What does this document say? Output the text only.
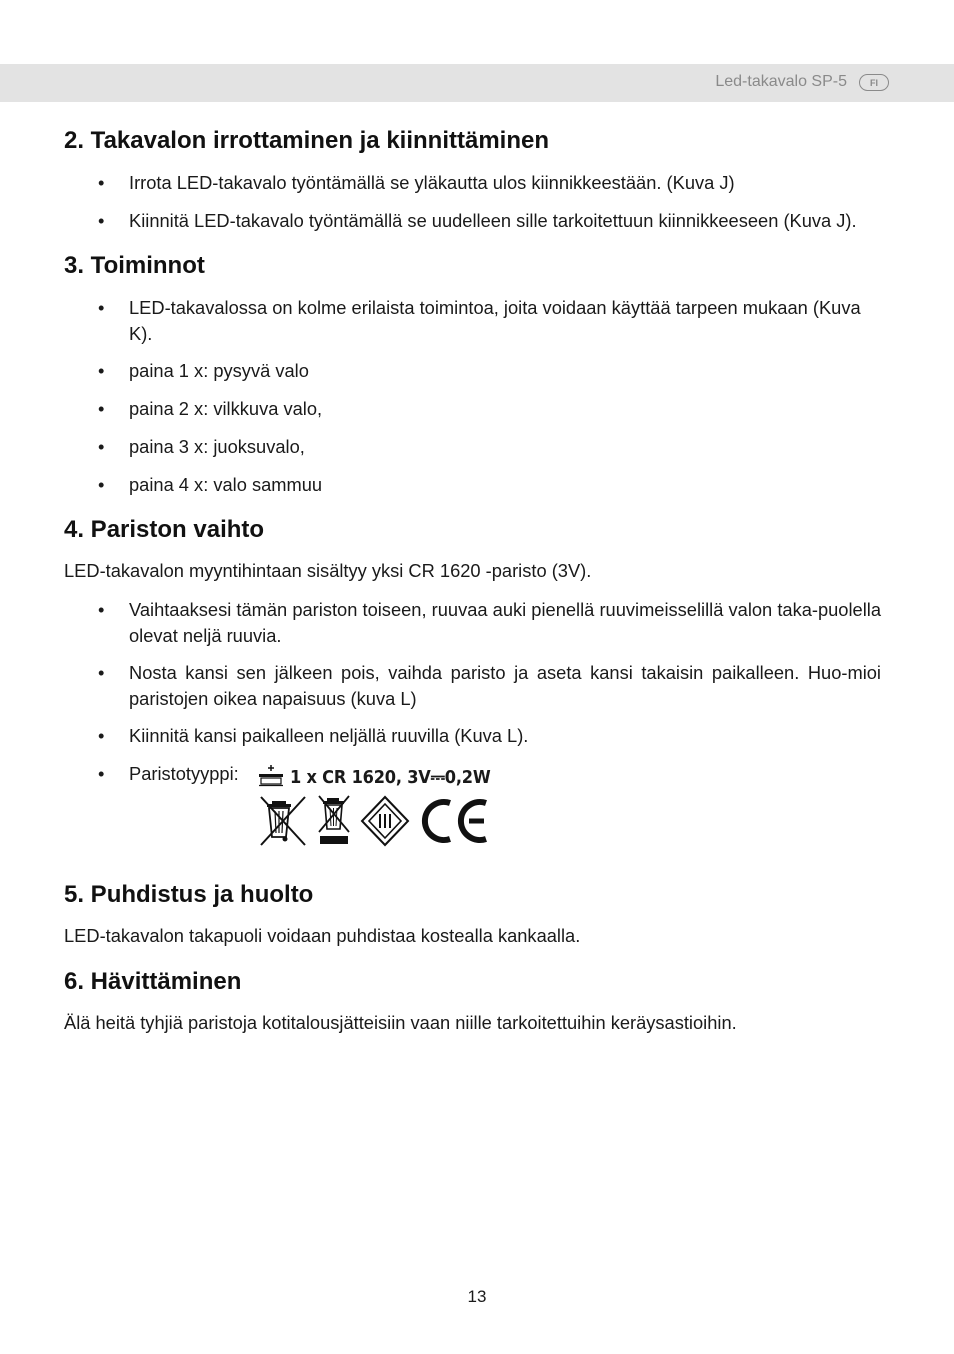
Led-takavalo SP-5	FI
2. Takavalon irrottaminen ja kiinnittäminen
• Irrota LED-takavalo työntämällä se yläkautta ulos kiinnikkeestään. (Kuva J)
• Kiinnitä LED-takavalo työntämällä se uudelleen sille tarkoitettuun kiinnikkeeseen (Kuva J).
3. Toiminnot
• LED-takavalossa on kolme erilaista toimintoa, joita voidaan käyttää tarpeen mukaan (Kuva K).
• paina 1 x: pysyvä valo
• paina 2 x: vilkkuva valo,
• paina 3 x: juoksuvalo,
• paina 4 x: valo sammuu
4. Pariston vaihto
LED-takavalon myyntihintaan sisältyy yksi CR 1620 -paristo (3V).
• Vaihtaaksesi tämän pariston toiseen, ruuvaa auki pienellä ruuvimeisselillä valon taka-puolella olevat neljä ruuvia.
• Nosta kansi sen jälkeen pois, vaihda paristo ja aseta kansi takaisin paikalleen. Huo-mioi paristojen oikea napaisuus (kuva L)
• Kiinnitä kansi paikalleen neljällä ruuvilla (Kuva L).
• Paristotyyppi:	1 x CR 1620, 3V⎓0,2W
5. Puhdistus ja huolto
LED-takavalon takapuoli voidaan puhdistaa kostealla kankaalla.
6. Hävittäminen
Älä heitä tyhjiä paristoja kotitalousjätteisiin vaan niille tarkoitettuihin keräysastioihin.
13
